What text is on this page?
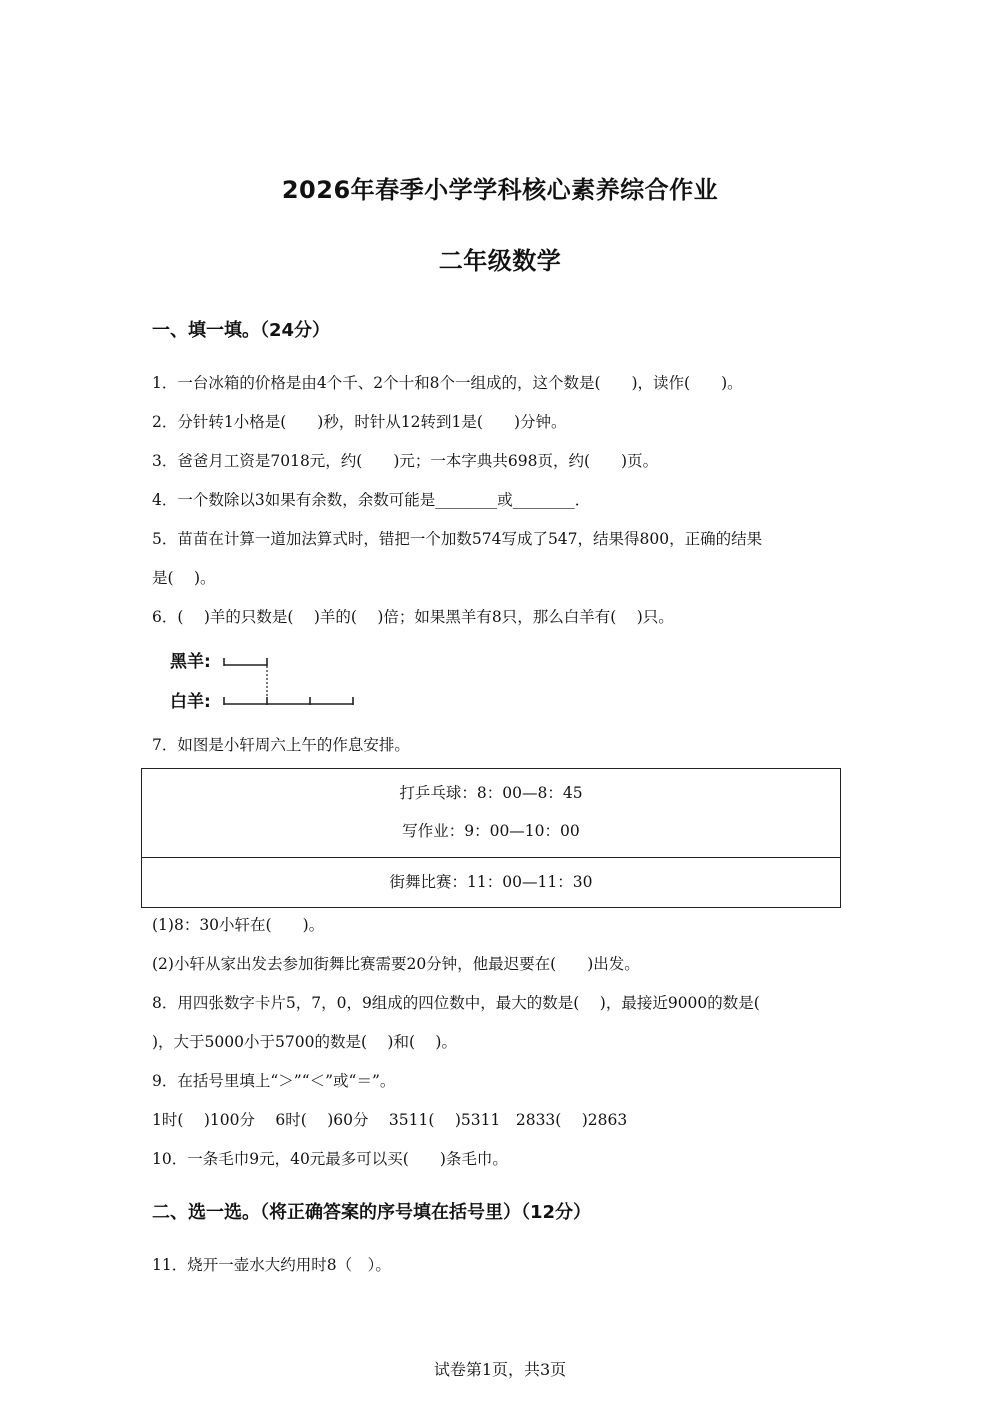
2026年春季小学学科核心素养综合作业
二年级数学
一、填一填。（24分）
1．一台冰箱的价格是由4个千、2个十和8个一组成的，这个数是(　　)，读作(　　)。
2．分针转1小格是(　　)秒，时针从12转到1是(　　)分钟。
3．爸爸月工资是7018元，约(　　)元；一本字典共698页，约(　　)页。
4．一个数除以3如果有余数，余数可能是________或________．
5．苗苗在计算一道加法算式时，错把一个加数574写成了547，结果得800，正确的结果
是(　 )。
6．(　 )羊的只数是(　 )羊的(　 )倍；如果黑羊有8只，那么白羊有(　 )只。
黑羊:
白羊:
7．如图是小轩周六上午的作息安排。
打乒乓球：8：00—8：45
写作业：9：00—10：00
街舞比赛：11：00—11：30
(1)8：30小轩在(　　)。
(2)小轩从家出发去参加街舞比赛需要20分钟，他最迟要在(　　)出发。
8．用四张数字卡片5，7，0，9组成的四位数中，最大的数是(　 )，最接近9000的数是(
)，大于5000小于5700的数是(　 )和(　 )。
9．在括号里填上“＞”“＜”或“＝”。
1时(　 )100分　 6时(　 )60分　 3511(　 )5311　2833(　 )2863
10．一条毛巾9元，40元最多可以买(　　)条毛巾。
二、选一选。（将正确答案的序号填在括号里）（12分）
11．烧开一壶水大约用时8（　）。
试卷第1页，共3页
